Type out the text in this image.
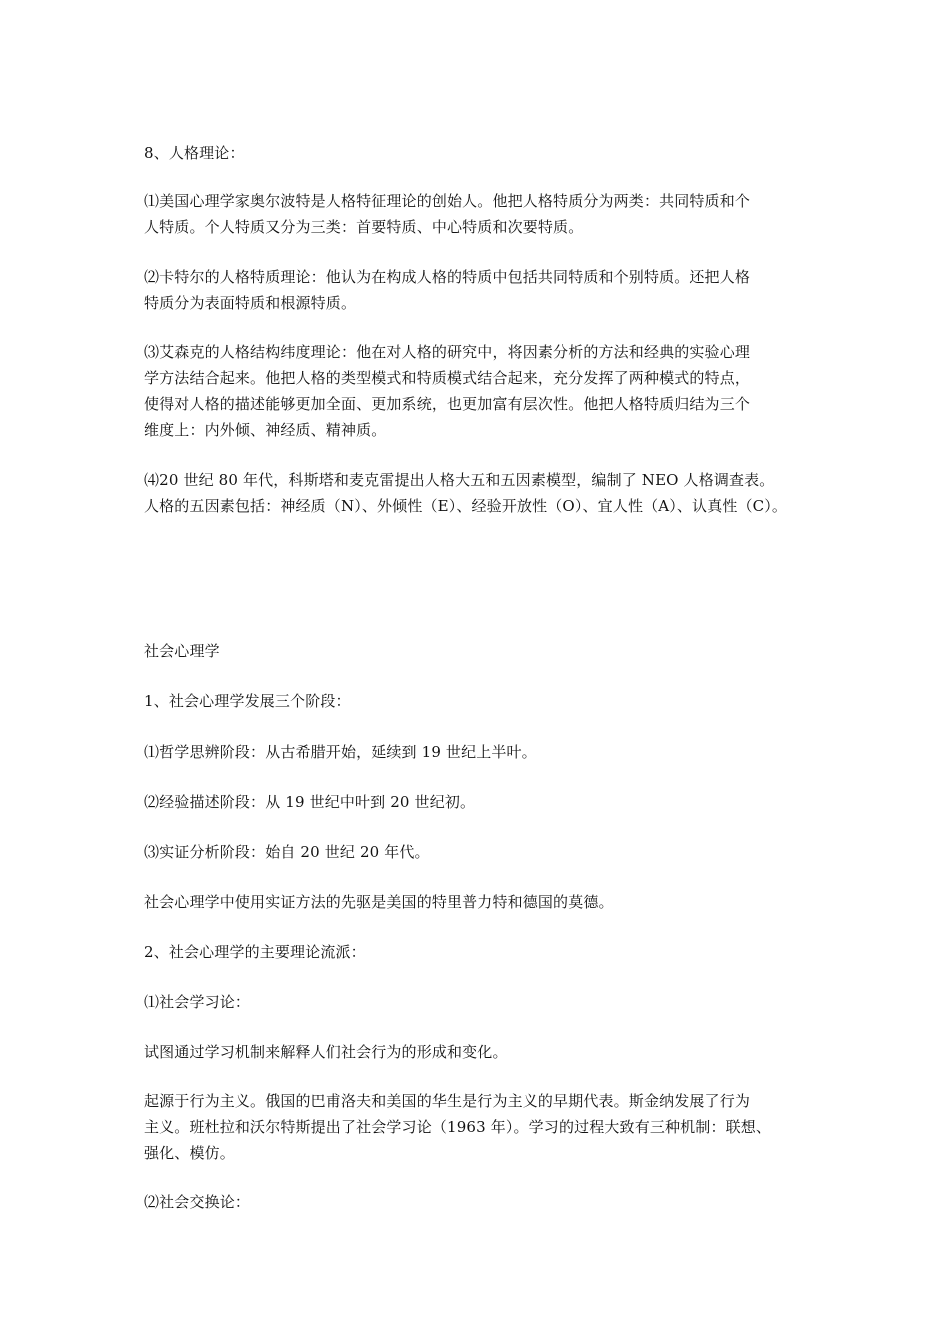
8、人格理论：
⑴美国心理学家奥尔波特是人格特征理论的创始人。他把人格特质分为两类：共同特质和个
人特质。个人特质又分为三类：首要特质、中心特质和次要特质。
⑵卡特尔的人格特质理论：他认为在构成人格的特质中包括共同特质和个别特质。还把人格
特质分为表面特质和根源特质。
⑶艾森克的人格结构纬度理论：他在对人格的研究中，将因素分析的方法和经典的实验心理
学方法结合起来。他把人格的类型模式和特质模式结合起来，充分发挥了两种模式的特点，
使得对人格的描述能够更加全面、更加系统，也更加富有层次性。他把人格特质归结为三个
维度上：内外倾、神经质、精神质。
⑷20 世纪 80 年代，科斯塔和麦克雷提出人格大五和五因素模型，编制了 NEO 人格调查表。
人格的五因素包括：神经质（N）、外倾性（E）、经验开放性（O）、宜人性（A）、认真性（C）。
社会心理学
1、社会心理学发展三个阶段：
⑴哲学思辨阶段：从古希腊开始，延续到 19 世纪上半叶。
⑵经验描述阶段：从 19 世纪中叶到 20 世纪初。
⑶实证分析阶段：始自 20 世纪 20 年代。
社会心理学中使用实证方法的先驱是美国的特里普力特和德国的莫德。
2、社会心理学的主要理论流派：
⑴社会学习论：
试图通过学习机制来解释人们社会行为的形成和变化。
起源于行为主义。俄国的巴甫洛夫和美国的华生是行为主义的早期代表。斯金纳发展了行为
主义。班杜拉和沃尔特斯提出了社会学习论（1963 年）。学习的过程大致有三种机制：联想、
强化、模仿。
⑵社会交换论：
